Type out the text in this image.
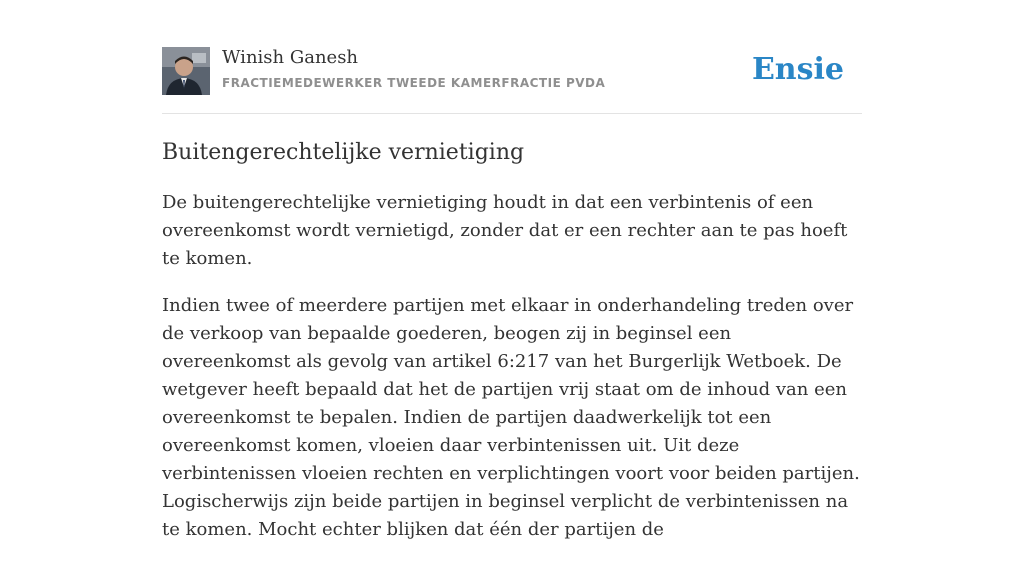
Winish Ganesh
FRACTIEMEDEWERKER TWEEDE KAMERFRACTIE PVDA	Ensie
Buitengerechtelijke vernietiging

De buitengerechtelijke vernietiging houdt in dat een verbintenis of een overeenkomst wordt vernietigd, zonder dat er een rechter aan te pas hoeft te komen.

Indien twee of meerdere partijen met elkaar in onderhandeling treden over de verkoop van bepaalde goederen, beogen zij in beginsel een overeenkomst als gevolg van artikel 6:217 van het Burgerlijk Wetboek. De wetgever heeft bepaald dat het de partijen vrij staat om de inhoud van een overeenkomst te bepalen. Indien de partijen daadwerkelijk tot een overeenkomst komen, vloeien daar verbintenissen uit. Uit deze verbintenissen vloeien rechten en verplichtingen voort voor beiden partijen. Logischerwijs zijn beide partijen in beginsel verplicht de verbintenissen na te komen. Mocht echter blijken dat één der partijen de
